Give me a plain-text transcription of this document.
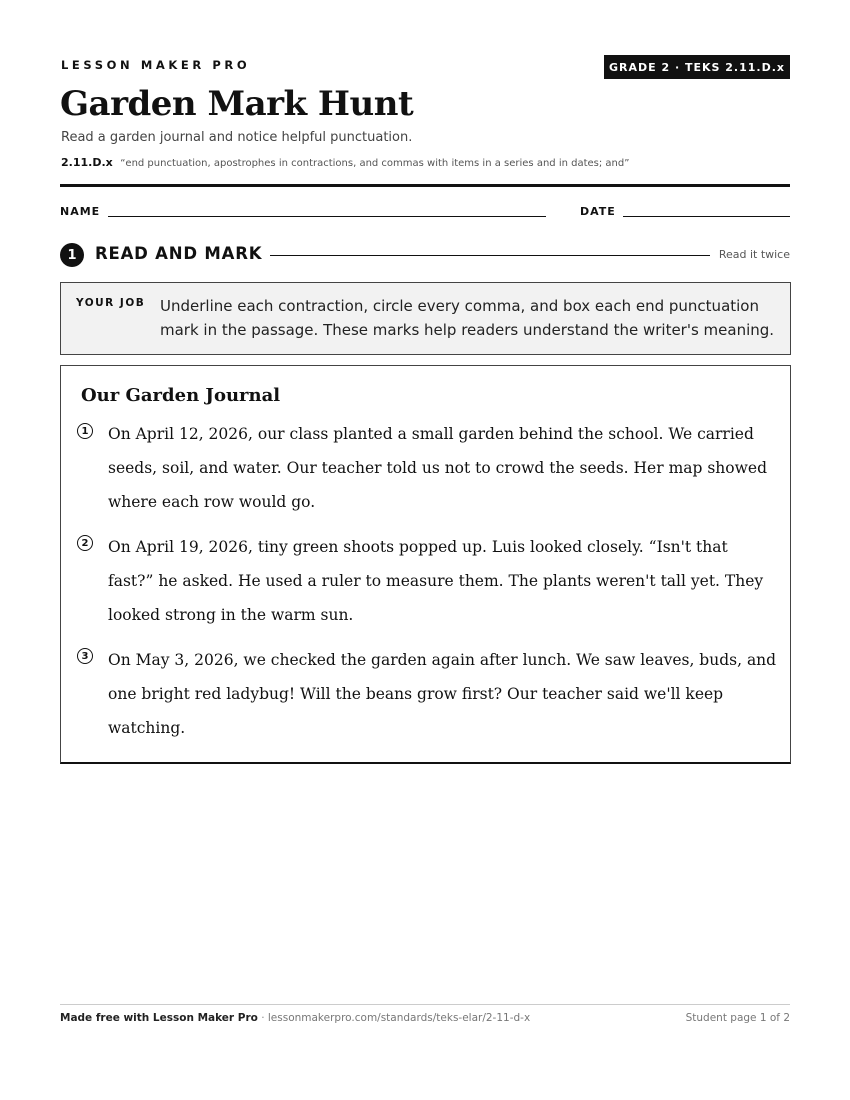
LESSON MAKER PRO	GRADE 2 · TEKS 2.11.D.x
Garden Mark Hunt
Read a garden journal and notice helpful punctuation.
2.11.D.x “end punctuation, apostrophes in contractions, and commas with items in a series and in dates; and”
NAME	DATE
1	READ AND MARK	Read it twice
YOUR JOB Underline each contraction, circle every comma, and box each end punctuation mark in the passage. These marks help readers understand the writer's meaning.
Our Garden Journal
1 On April 12, 2026, our class planted a small garden behind the school. We carried seeds, soil, and water. Our teacher told us not to crowd the seeds. Her map showed where each row would go.
2 On April 19, 2026, tiny green shoots popped up. Luis looked closely. “Isn't that fast?” he asked. He used a ruler to measure them. The plants weren't tall yet. They looked strong in the warm sun.
3 On May 3, 2026, we checked the garden again after lunch. We saw leaves, buds, and one bright red ladybug! Will the beans grow first? Our teacher said we'll keep watching.
Made free with Lesson Maker Pro · lessonmakerpro.com/standards/teks-elar/2-11-d-x	Student page 1 of 2
